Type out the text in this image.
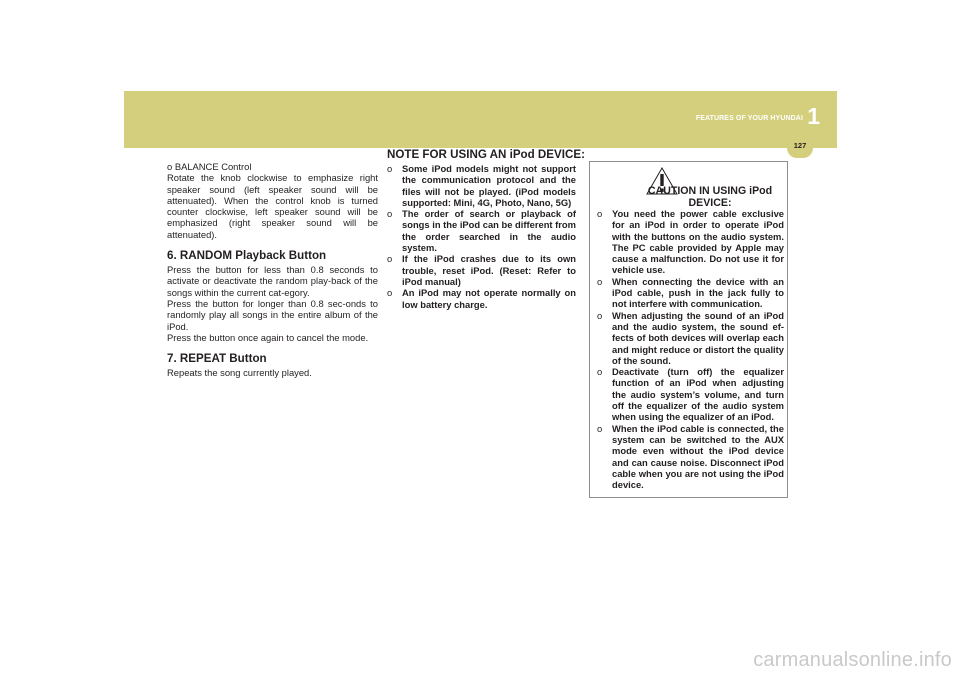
FEATURES OF YOUR HYUNDAI 1
127

o BALANCE Control

Rotate the knob clockwise to emphasize right speaker sound (left speaker sound will be attenuated). When the control knob is turned counter clockwise, left speaker sound will be emphasized (right speaker sound will be attenuated).

6. RANDOM Playback Button

Press the button for less than 0.8 seconds to activate or deactivate the random play-back of the songs within the current cat-egory.

Press the button for longer than 0.8 sec-onds to randomly play all songs in the entire album of the iPod.

Press the button once again to cancel the mode.

7. REPEAT Button

Repeats the song currently played.

NOTE FOR USING AN iPod DEVICE:
o Some iPod models might not support the communication protocol and the files will not be played. (iPod models supported: Mini, 4G, Photo, Nano, 5G)
o The order of search or playback of songs in the iPod can be different from the order searched in the audio system.
o If the iPod crashes due to its own trouble, reset iPod. (Reset: Refer to iPod manual)
o An iPod may not operate normally on low battery charge.
CAUTION IN USING iPod DEVICE:
o You need the power cable exclusive for an iPod in order to operate iPod with the buttons on the audio system. The PC cable provided by Apple may cause a malfunction. Do not use it for vehicle use.
o When connecting the device with an iPod cable, push in the jack fully to not interfere with communication.
o When adjusting the sound of an iPod and the audio system, the sound ef-fects of both devices will overlap each and might reduce or distort the quality of the sound.
o Deactivate (turn off) the equalizer function of an iPod when adjusting the audio system’s volume, and turn off the equalizer of the audio system when using the equalizer of an iPod.
o When the iPod cable is connected, the system can be switched to the AUX mode even without the iPod device and can cause noise. Disconnect iPod cable when you are not using the iPod device.
carmanualsonline.info
